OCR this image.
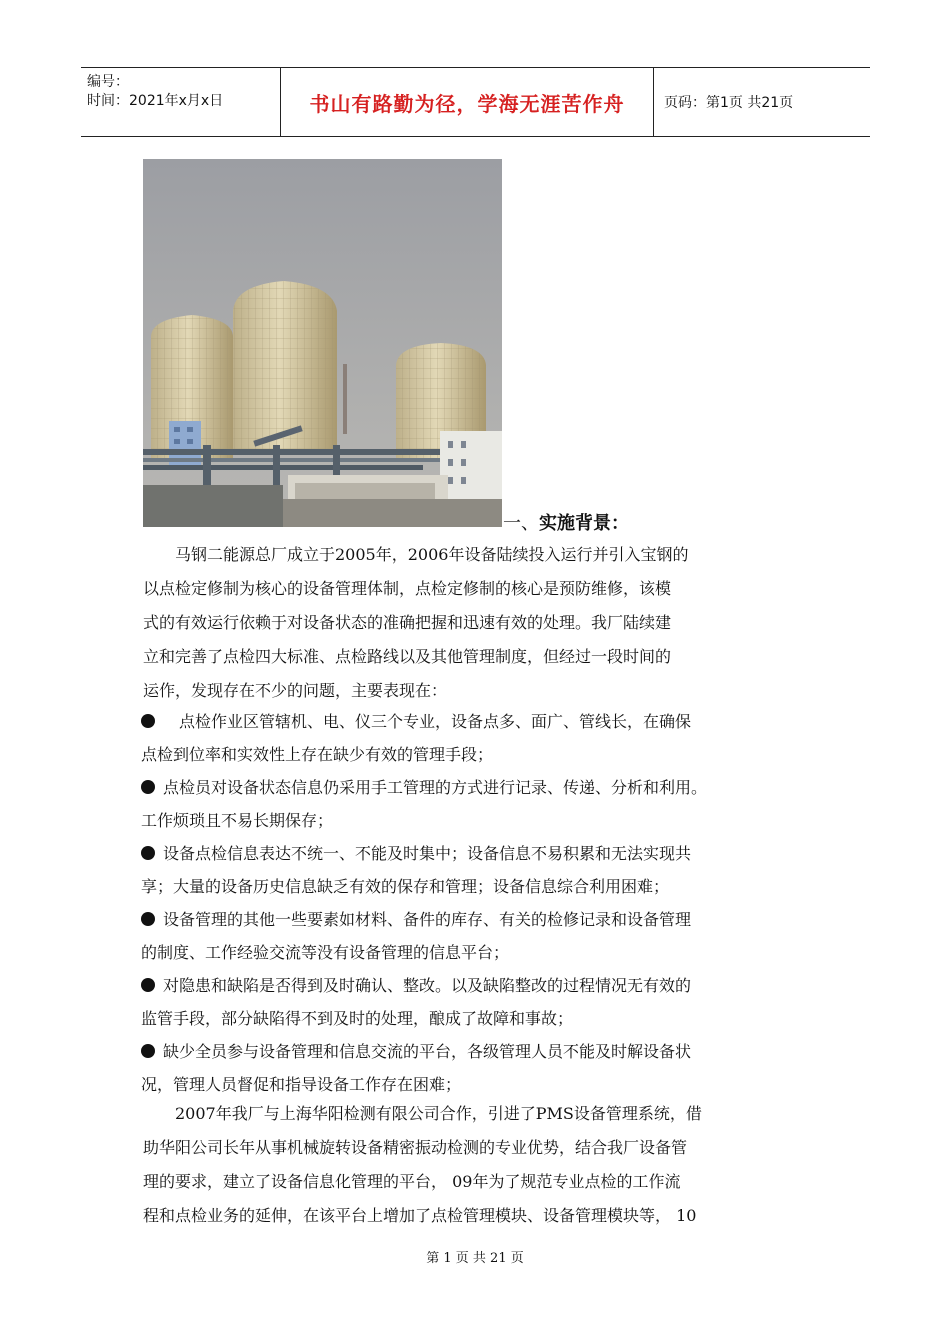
编号：
时间：2021年x月x日	书山有路勤为径，学海无涯苦作舟	页码：第1页 共21页
一、实施背景：
　　马钢二能源总厂成立于2005年，2006年设备陆续投入运行并引入宝钢的
以点检定修制为核心的设备管理体制，点检定修制的核心是预防维修，该模
式的有效运行依赖于对设备状态的准确把握和迅速有效的处理。我厂陆续建
立和完善了点检四大标准、点检路线以及其他管理制度，但经过一段时间的
运作，发现存在不少的问题，主要表现在：
　点检作业区管辖机、电、仪三个专业，设备点多、面广、管线长，在确保
点检到位率和实效性上存在缺少有效的管理手段；
点检员对设备状态信息仍采用手工管理的方式进行记录、传递、分析和利用。
工作烦琐且不易长期保存；
设备点检信息表达不统一、不能及时集中；设备信息不易积累和无法实现共
享；大量的设备历史信息缺乏有效的保存和管理；设备信息综合利用困难；
设备管理的其他一些要素如材料、备件的库存、有关的检修记录和设备管理
的制度、工作经验交流等没有设备管理的信息平台；
对隐患和缺陷是否得到及时确认、整改。以及缺陷整改的过程情况无有效的
监管手段，部分缺陷得不到及时的处理，酿成了故障和事故；
缺少全员参与设备管理和信息交流的平台，各级管理人员不能及时解设备状
况，管理人员督促和指导设备工作存在困难；
　　2007年我厂与上海华阳检测有限公司合作，引进了PMS设备管理系统，借
助华阳公司长年从事机械旋转设备精密振动检测的专业优势，结合我厂设备管
理的要求，建立了设备信息化管理的平台， 09年为了规范专业点检的工作流
程和点检业务的延伸，在该平台上增加了点检管理模块、设备管理模块等， 10
第 1 页 共 21 页
